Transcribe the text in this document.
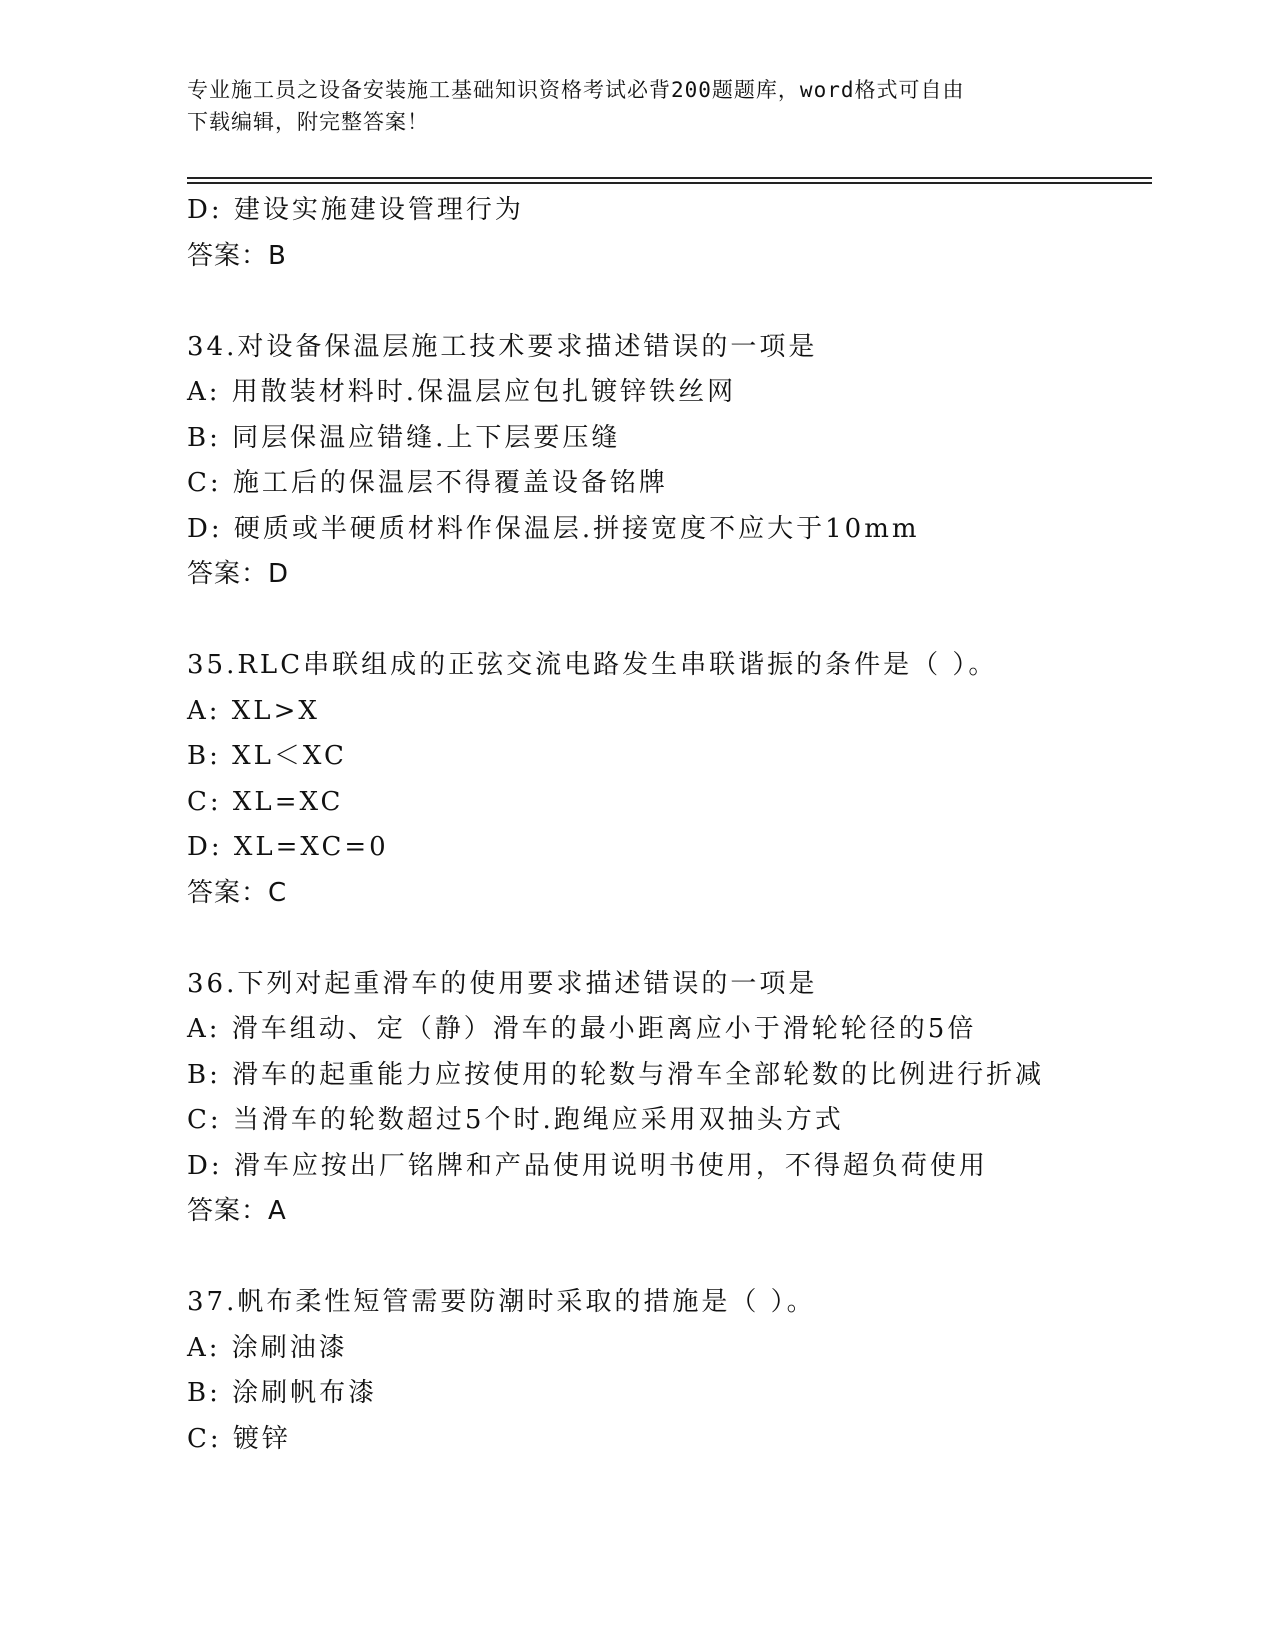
专业施工员之设备安装施工基础知识资格考试必背200题题库，word格式可自由
下载编辑，附完整答案！
D: 建设实施建设管理行为
答案：B
34.对设备保温层施工技术要求描述错误的一项是
A: 用散装材料时.保温层应包扎镀锌铁丝网
B: 同层保温应错缝.上下层要压缝
C: 施工后的保温层不得覆盖设备铭牌
D: 硬质或半硬质材料作保温层.拼接宽度不应大于10mm
答案：D
35.RLC串联组成的正弦交流电路发生串联谐振的条件是（ ）。
A: XL>X
B: XL＜XC
C: XL=XC
D: XL=XC=0
答案：C
36.下列对起重滑车的使用要求描述错误的一项是
A: 滑车组动、定（静）滑车的最小距离应小于滑轮轮径的5倍
B: 滑车的起重能力应按使用的轮数与滑车全部轮数的比例进行折减
C: 当滑车的轮数超过5个时.跑绳应采用双抽头方式
D: 滑车应按出厂铭牌和产品使用说明书使用，不得超负荷使用
答案：A
37.帆布柔性短管需要防潮时采取的措施是（ ）。
A: 涂刷油漆
B: 涂刷帆布漆
C: 镀锌
